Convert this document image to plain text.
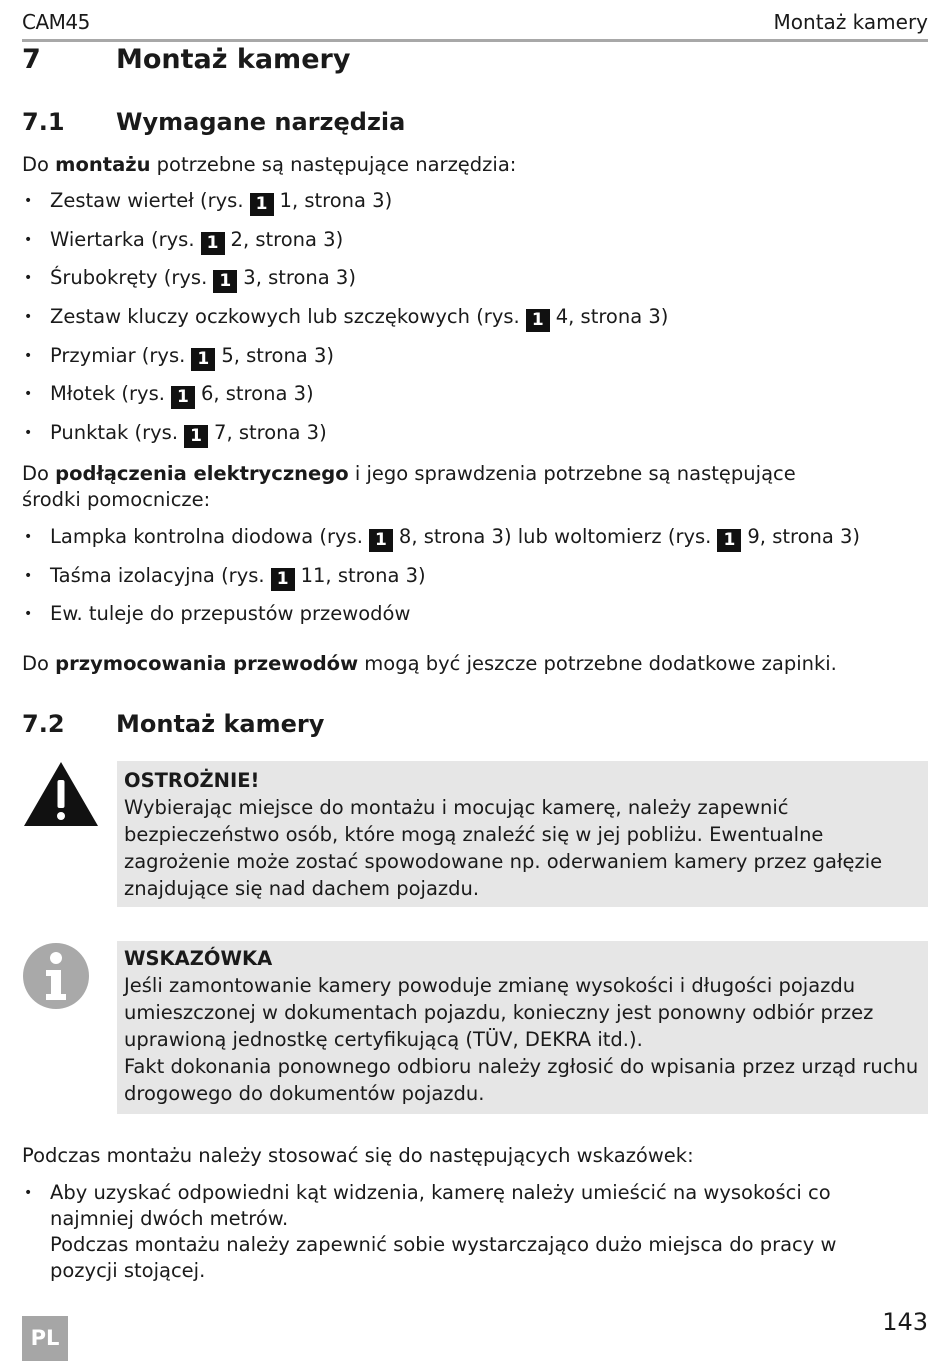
CAM45	Montaż kamery
7	Montaż kamery
7.1 Wymagane narzędzia
Do montażu potrzebne są następujące narzędzia:
• Zestaw wierteł (rys. 1 1, strona 3)
• Wiertarka (rys. 1 2, strona 3)
• Śrubokręty (rys. 1 3, strona 3)
• Zestaw kluczy oczkowych lub szczękowych (rys. 1 4, strona 3)
• Przymiar (rys. 1 5, strona 3)
• Młotek (rys. 1 6, strona 3)
• Punktak (rys. 1 7, strona 3)
Do podłączenia elektrycznego i jego sprawdzenia potrzebne są następujące środki pomocnicze:
• Lampka kontrolna diodowa (rys. 1 8, strona 3) lub woltomierz (rys. 1 9, strona 3)
• Taśma izolacyjna (rys. 1 11, strona 3)
• Ew. tuleje do przepustów przewodów
Do przymocowania przewodów mogą być jeszcze potrzebne dodatkowe zapinki.
7.2 Montaż kamery
OSTROŻNIE!
Wybierając miejsce do montażu i mocując kamerę, należy zapewnić bezpieczeństwo osób, które mogą znaleźć się w jej pobliżu. Ewentualne zagrożenie może zostać spowodowane np. oderwaniem kamery przez gałęzie znajdujące się nad dachem pojazdu.
WSKAZÓWKA
Jeśli zamontowanie kamery powoduje zmianę wysokości i długości pojazdu umieszczonej w dokumentach pojazdu, konieczny jest ponowny odbiór przez uprawioną jednostkę certyfikującą (TÜV, DEKRA itd.).
Fakt dokonania ponownego odbioru należy zgłosić do wpisania przez urząd ruchu drogowego do dokumentów pojazdu.
Podczas montażu należy stosować się do następujących wskazówek:
• Aby uzyskać odpowiedni kąt widzenia, kamerę należy umieścić na wysokości co najmniej dwóch metrów.
Podczas montażu należy zapewnić sobie wystarczająco dużo miejsca do pracy w pozycji stojącej.
PL
143
